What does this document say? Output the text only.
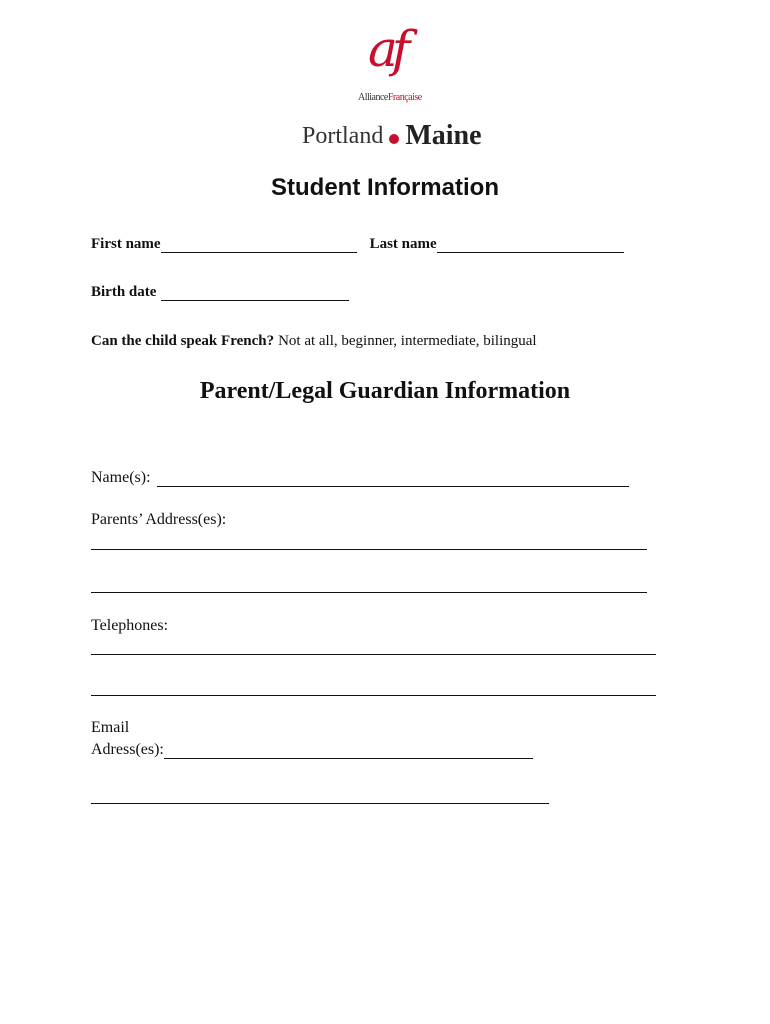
af
AllianceFrançaise
Portland Maine
Student Information
First name	Last name
Birth date
Can the child speak French? Not at all, beginner, intermediate, bilingual
Parent/Legal Guardian Information
Name(s):
Parents’ Address(es):
Telephones:
Email
Adress(es):
